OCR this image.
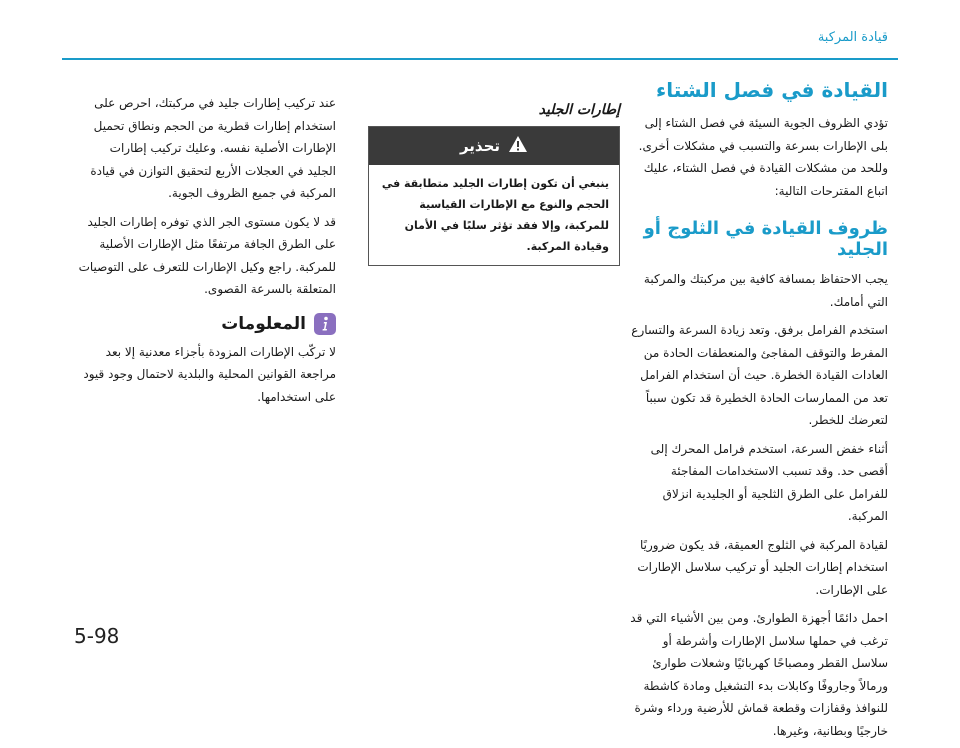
قيادة المركبة
القيادة في فصل الشتاء

تؤدي الظروف الجوية السيئة في فصل الشتاء إلى بلى الإطارات بسرعة والتسبب في مشكلات أخرى. وللحد من مشكلات القيادة في فصل الشتاء، عليك اتباع المقترحات التالية:

ظروف القيادة في الثلوج أو الجليد

يجب الاحتفاظ بمسافة كافية بين مركبتك والمركبة التي أمامك.

استخدم الفرامل برفق. وتعد زيادة السرعة والتسارع المفرط والتوقف المفاجئ والمنعطفات الحادة من العادات القيادة الخطرة. حيث أن استخدام الفرامل تعد من الممارسات الحادة الخطيرة قد تكون سبباً لتعرضك للخطر.

أثناء خفض السرعة، استخدم فرامل المحرك إلى أقصى حد. وقد تسبب الاستخدامات المفاجئة للفرامل على الطرق الثلجية أو الجليدية انزلاق المركبة.

لقيادة المركبة في الثلوج العميقة، قد يكون ضروريًا استخدام إطارات الجليد أو تركيب سلاسل الإطارات على الإطارات.

احمل دائمًا أجهزة الطوارئ. ومن بين الأشياء التي قد ترغب في حملها سلاسل الإطارات وأشرطة أو سلاسل القطر ومصباحًا كهربائيًا وشعلات طوارئ ورمالاً وجاروفًا وكابلات بدء التشغيل ومادة كاشطة للنوافذ وقفازات وقطعة قماش للأرضية ورداء وشرة خارجيًا وبطانية، وغيرها.

إطارات الجليد
تحذير
ينبغي أن تكون إطارات الجليد متطابقة في الحجم والنوع مع الإطارات القياسية للمركبة، وإلا فقد تؤثر سلبًا في الأمان وقيادة المركبة.

عند تركيب إطارات جليد في مركبتك، احرص على استخدام إطارات قطرية من الحجم ونطاق تحميل الإطارات الأصلية نفسه. وعليك تركيب إطارات الجليد في العجلات الأربع لتحقيق التوازن في قيادة المركبة في جميع الظروف الجوية.

قد لا يكون مستوى الجر الذي توفره إطارات الجليد على الطرق الجافة مرتفعًا مثل الإطارات الأصلية للمركبة. راجع وكيل الإطارات للتعرف على التوصيات المتعلقة بالسرعة القصوى.

المعلومات

لا تركّب الإطارات المزودة بأجزاء معدنية إلا بعد مراجعة القوانين المحلية والبلدية لاحتمال وجود قيود على استخدامها.

5-98
